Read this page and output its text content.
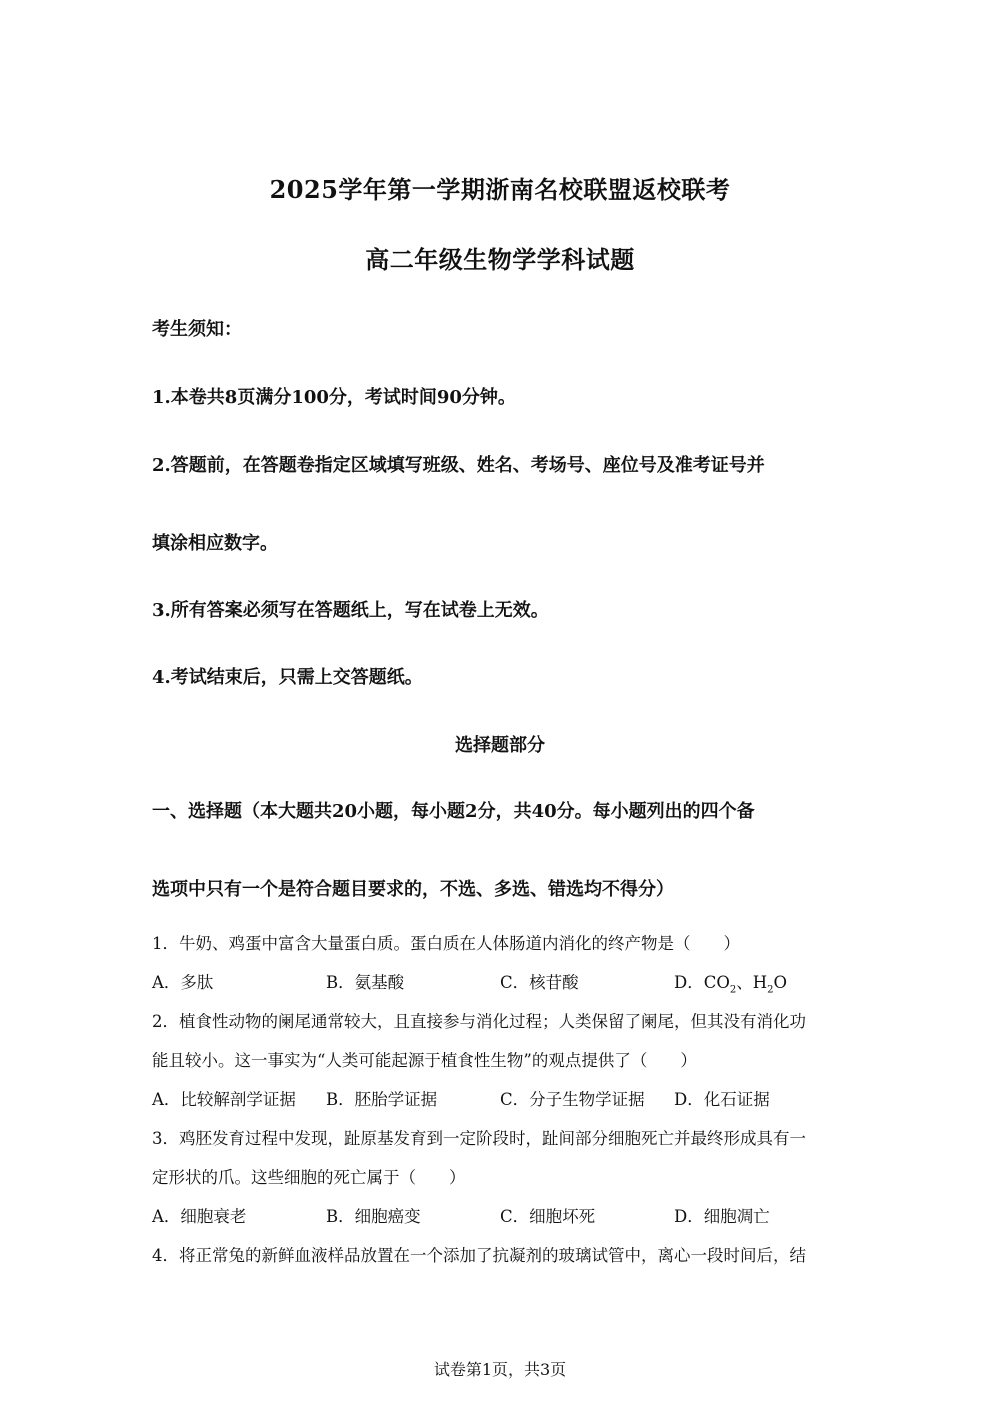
2025学年第一学期浙南名校联盟返校联考
高二年级生物学学科试题
考生须知：
1.本卷共8页满分100分，考试时间90分钟。
2.答题前，在答题卷指定区域填写班级、姓名、考场号、座位号及准考证号并
填涂相应数字。
3.所有答案必须写在答题纸上，写在试卷上无效。
4.考试结束后，只需上交答题纸。
选择题部分
一、选择题（本大题共20小题，每小题2分，共40分。每小题列出的四个备
选项中只有一个是符合题目要求的，不选、多选、错选均不得分）
1．牛奶、鸡蛋中富含大量蛋白质。蛋白质在人体肠道内消化的终产物是（　　）
A．多肽	B．氨基酸	C．核苷酸	D．$CO_2$、$H_2O$
2．植食性动物的阑尾通常较大，且直接参与消化过程；人类保留了阑尾，但其没有消化功
能且较小。这一事实为“人类可能起源于植食性生物”的观点提供了（　　）
A．比较解剖学证据 B．胚胎学证据	C．分子生物学证据 D．化石证据
3．鸡胚发育过程中发现，趾原基发育到一定阶段时，趾间部分细胞死亡并最终形成具有一
定形状的爪。这些细胞的死亡属于（　　）
A．细胞衰老	B．细胞癌变	C．细胞坏死	D．细胞凋亡
4．将正常兔的新鲜血液样品放置在一个添加了抗凝剂的玻璃试管中，离心一段时间后，结
试卷第1页，共3页
